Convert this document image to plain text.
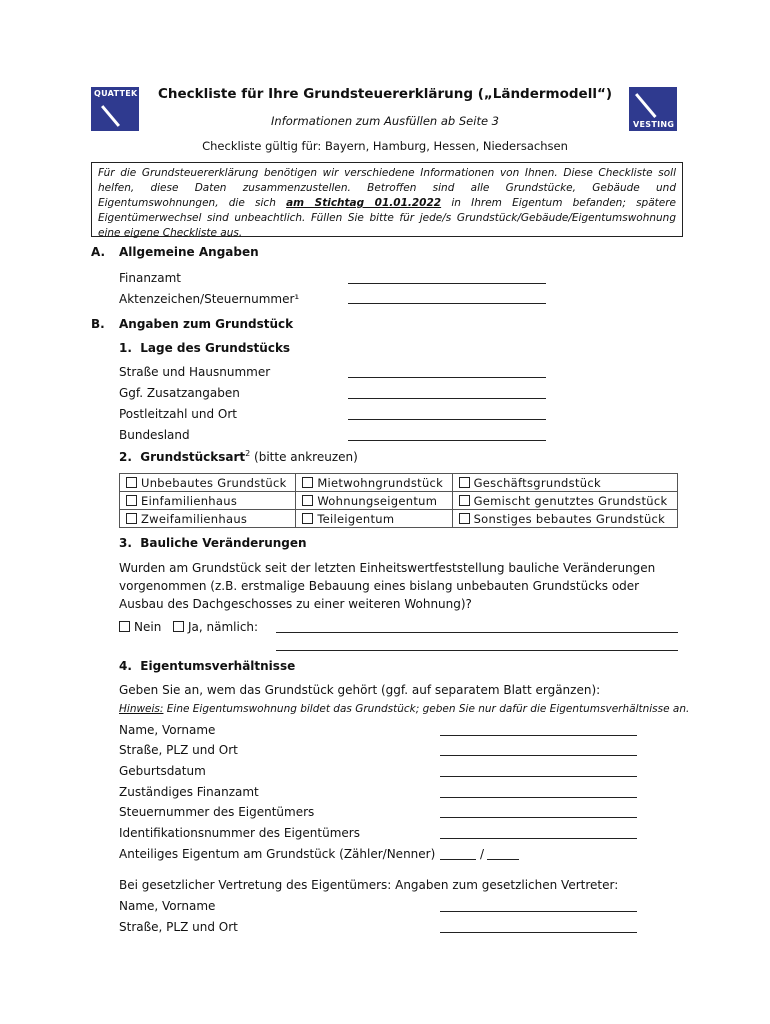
QUATTEK
VESTING
Checkliste für Ihre Grundsteuererklärung („Ländermodell“)
Informationen zum Ausfüllen ab Seite 3
Checkliste gültig für: Bayern, Hamburg, Hessen, Niedersachsen
Für die Grundsteuererklärung benötigen wir verschiedene Informationen von Ihnen. Diese Checkliste soll helfen, diese Daten zusammenzustellen. Betroffen sind alle Grundstücke, Gebäude und Eigentumswohnungen, die sich am Stichtag 01.01.2022 in Ihrem Eigentum befanden; spätere Eigentümerwechsel sind unbeachtlich. Füllen Sie bitte für jede/s Grundstück/Gebäude/Eigentumswohnung eine eigene Checkliste aus.
A. Allgemeine Angaben
Finanzamt
Aktenzeichen/Steuernummer¹
B. Angaben zum Grundstück
1.  Lage des Grundstücks
Straße und Hausnummer
Ggf. Zusatzangaben
Postleitzahl und Ort
Bundesland
2.  Grundstücksart$^2$ (bitte ankreuzen)
Unbebautes Grundstück	Mietwohngrundstück	Geschäftsgrundstück
Einfamilienhaus	Wohnungseigentum	Gemischt genutztes Grundstück
Zweifamilienhaus	Teileigentum	Sonstiges bebautes Grundstück
3.  Bauliche Veränderungen
Wurden am Grundstück seit der letzten Einheitswertfeststellung bauliche Veränderungen vorgenommen (z.B. erstmalige Bebauung eines bislang unbebauten Grundstücks oder Ausbau des Dachgeschosses zu einer weiteren Wohnung)?
Nein	Ja, nämlich:
4.  Eigentumsverhältnisse
Geben Sie an, wem das Grundstück gehört (ggf. auf separatem Blatt ergänzen):
Hinweis: Eine Eigentumswohnung bildet das Grundstück; geben Sie nur dafür die Eigentumsverhältnisse an.
Name, Vorname
Straße, PLZ und Ort
Geburtsdatum
Zuständiges Finanzamt
Steuernummer des Eigentümers
Identifikationsnummer des Eigentümers
Anteiliges Eigentum am Grundstück (Zähler/Nenner)	/
Bei gesetzlicher Vertretung des Eigentümers: Angaben zum gesetzlichen Vertreter:
Name, Vorname
Straße, PLZ und Ort
